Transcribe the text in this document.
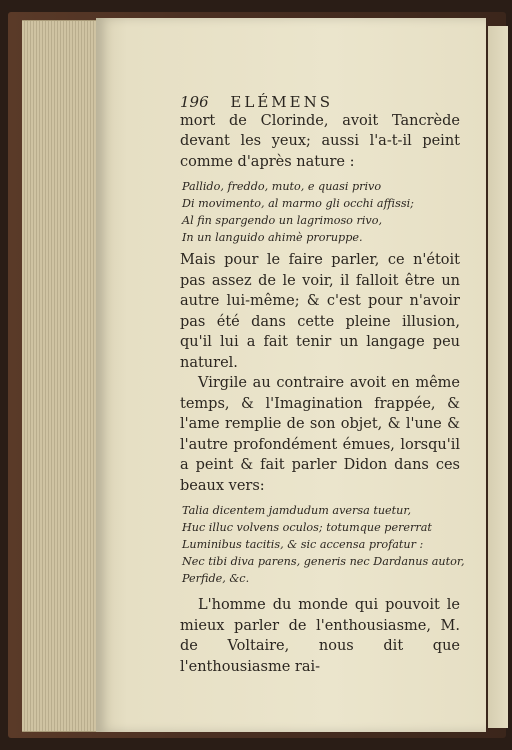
196 ELÉMENS

mort de Clorinde, avoit Tancrède devant les yeux; aussi l'a-t-il peint comme d'après nature :

Pallido, freddo, muto, e quasi privo
Di movimento, al marmo gli occhi affissi;
Al fin spargendo un lagrimoso rivo,
In un languido ahimè proruppe.

Mais pour le faire parler, ce n'étoit pas assez de le voir, il falloit être un autre lui-même; & c'est pour n'avoir pas été dans cette pleine illusion, qu'il lui a fait tenir un langage peu naturel.

Virgile au contraire avoit en même temps, & l'Imagination frappée, & l'ame remplie de son objet, & l'une & l'autre profondément émues, lorsqu'il a peint & fait parler Didon dans ces beaux vers:

Talia dicentem jamdudum aversa tuetur,
Huc illuc volvens oculos; totumque pererrat
Luminibus tacitis, & sic accensa profatur :
Nec tibi diva parens, generis nec Dardanus autor,
Perfide, &c.

L'homme du monde qui pouvoit le mieux parler de l'enthousiasme, M. de Voltaire, nous dit que l'enthousiasme rai-
